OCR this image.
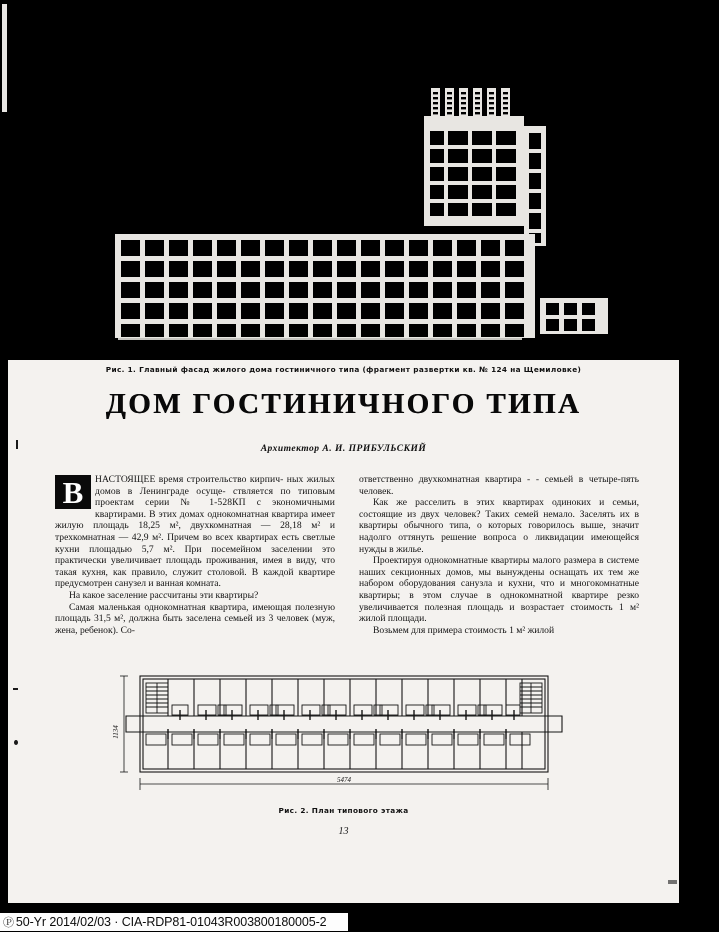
Рис. 1. Главный фасад жилого дома гостиничного типа (фрагмент развертки кв. № 124 на Щемиловке)
ДОМ ГОСТИНИЧНОГО ТИПА
Архитектор А. И. ПРИБУЛЬСКИЙ

В	НАСТОЯЩЕЕ время строительство кирпич- ных жилых домов в Ленинграде осуще- ствляется по типовым проектам серии № 1-528КП с экономичными квартирами. В этих домах однокомнатная квартира имеет жилую площадь 18,25 м², двухкомнатная — 28,18 м² и трехкомнатная — 42,9 м². Причем во всех квартирах есть светлые кухни площадью 5,7 м². При посемейном заселении это практически увеличивает площадь проживания, имея в виду, что такая кухня, как правило, служит столовой. В каждой квартире предусмотрен санузел и ванная комната.

На какое заселение рассчитаны эти квартиры?

Самая маленькая однокомнатная квартира, имеющая полезную площадь 31,5 м², должна быть заселена семьей из 3 человек (муж, жена, ребенок). Со-

ответственно двухкомнатная квартира - - семьей в четыре-пять человек.

Как же расселить в этих квартирах одиноких и семьи, состоящие из двух человек? Таких семей немало. Заселять их в квартиры обычного типа, о которых говорилось выше, значит надолго оттянуть решение вопроса о ликвидации имеющейся нужды в жилье.

Проектируя однокомнатные квартиры малого размера в системе наших секционных домов, мы вынуждены оснащать их тем же набором оборудования санузла и кухни, что и многокомнатные квартиры; в этом случае в однокомнатной квартире резко увеличивается полезная площадь и возрастает стоимость 1 м² жилой площади.

Возьмем для примера стоимость 1 м² жилой

1134
5474
Рис. 2. План типового этажа
13
Ⓟ 50-Yr 2014/02/03 · CIA-RDP81-01043R003800180005-2
